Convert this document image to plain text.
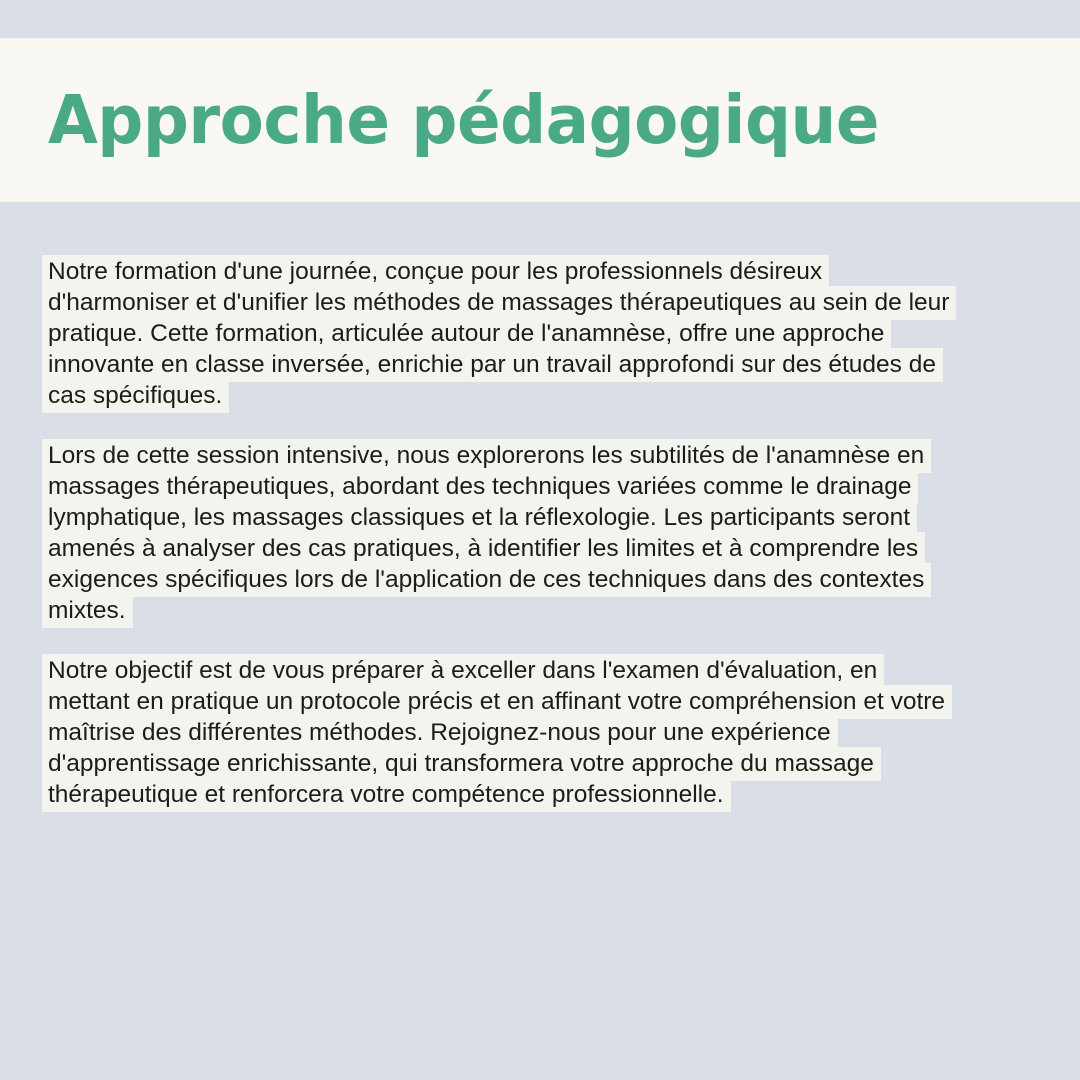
Approche pédagogique

Notre formation d'une journée, conçue pour les professionnels désireux
d'harmoniser et d'unifier les méthodes de massages thérapeutiques au sein de leur
pratique. Cette formation, articulée autour de l'anamnèse, offre une approche
innovante en classe inversée, enrichie par un travail approfondi sur des études de
cas spécifiques.

Lors de cette session intensive, nous explorerons les subtilités de l'anamnèse en
massages thérapeutiques, abordant des techniques variées comme le drainage
lymphatique, les massages classiques et la réflexologie. Les participants seront
amenés à analyser des cas pratiques, à identifier les limites et à comprendre les
exigences spécifiques lors de l'application de ces techniques dans des contextes
mixtes.

Notre objectif est de vous préparer à exceller dans l'examen d'évaluation, en
mettant en pratique un protocole précis et en affinant votre compréhension et votre
maîtrise des différentes méthodes. Rejoignez-nous pour une expérience
d'apprentissage enrichissante, qui transformera votre approche du massage
thérapeutique et renforcera votre compétence professionnelle.
